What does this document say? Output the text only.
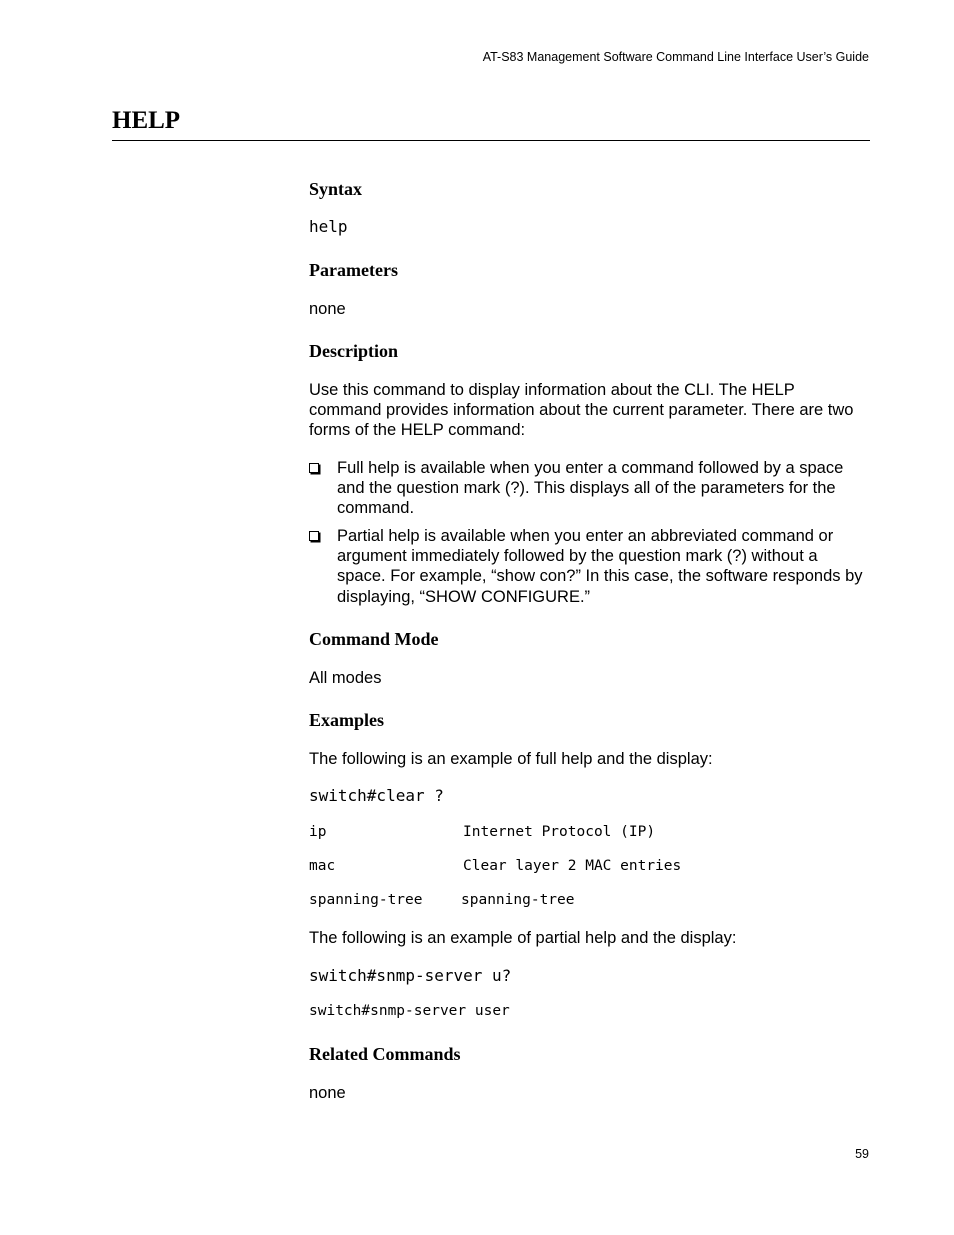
AT-S83 Management Software Command Line Interface User’s Guide
HELP
Syntax
help
Parameters

none

Description

Use this command to display information about the CLI. The HELP command provides information about the current parameter. There are two forms of the HELP command:

Full help is available when you enter a command followed by a space and the question mark (?). This displays all of the parameters for the command.

Partial help is available when you enter an abbreviated command or argument immediately followed by the question mark (?) without a space. For example, “show con?” In this case, the software responds by displaying, “SHOW CONFIGURE.”

Command Mode

All modes

Examples

The following is an example of full help and the display:

switch#clear ?
ip	Internet Protocol (IP)
mac	Clear layer 2 MAC entries
spanning-tree	spanning-tree

The following is an example of partial help and the display:

switch#snmp-server u?
switch#snmp-server user
Related Commands

none

59
